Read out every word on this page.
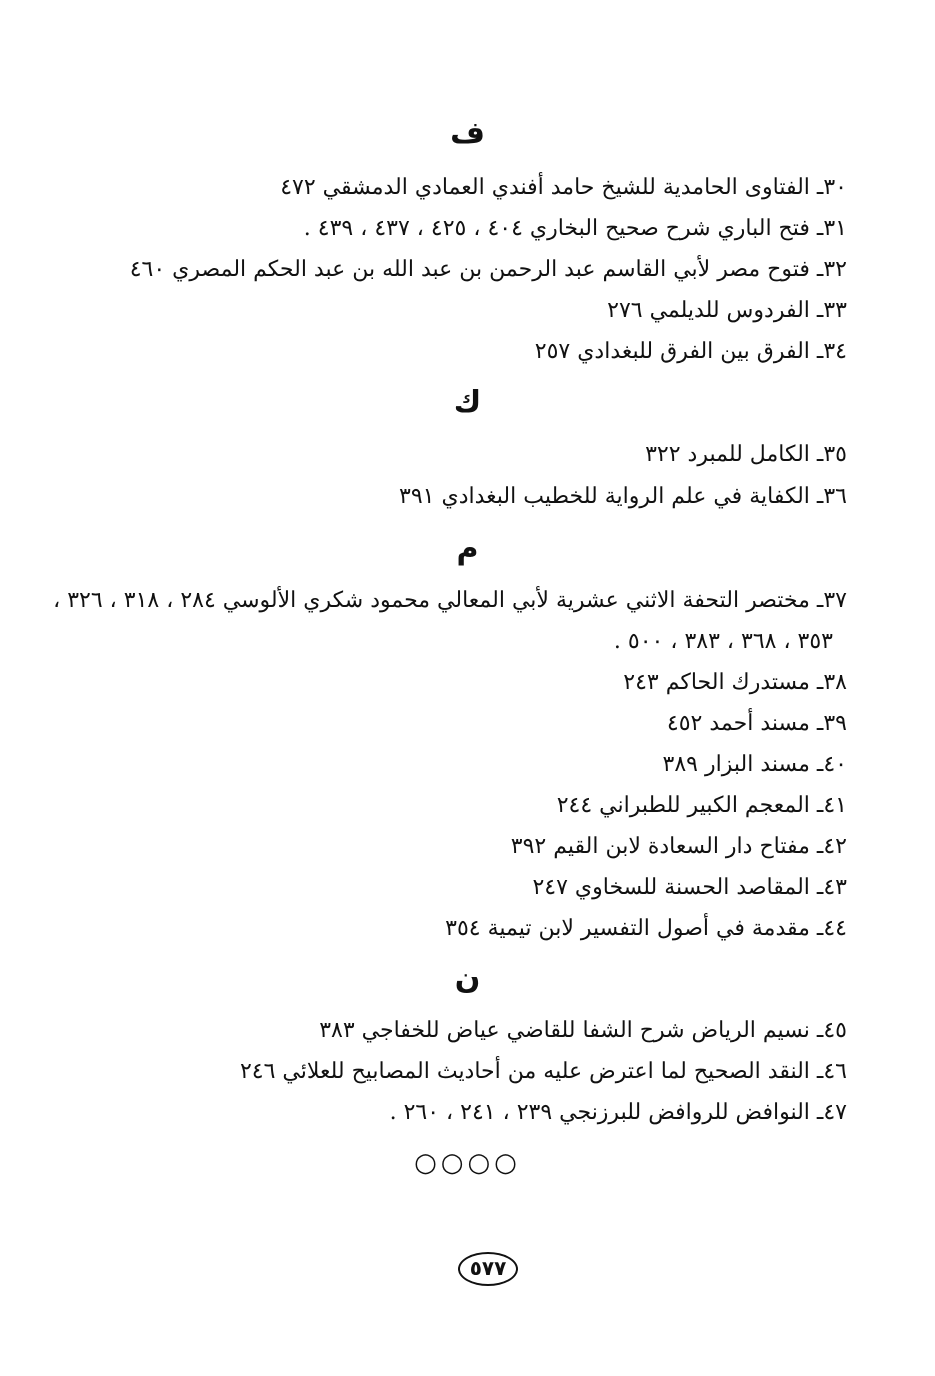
ف
٣٠ـ الفتاوى الحامدية للشيخ حامد أفندي العمادي الدمشقي ٤٧٢
٣١ـ فتح الباري شرح صحيح البخاري ٤٠٤ ، ٤٢٥ ، ٤٣٧ ، ٤٣٩ .
٣٢ـ فتوح مصر لأبي القاسم عبد الرحمن بن عبد الله بن عبد الحكم المصري ٤٦٠
٣٣ـ الفردوس للديلمي ٢٧٦
٣٤ـ الفرق بين الفرق للبغدادي ٢٥٧
ك
٣٥ـ الكامل للمبرد ٣٢٢
٣٦ـ الكفاية في علم الرواية للخطيب البغدادي ٣٩١
م
٣٧ـ مختصر التحفة الاثني عشرية لأبي المعالي محمود شكري الألوسي ٢٨٤ ، ٣١٨ ، ٣٢٦ ،
٣٥٣ ، ٣٦٨ ، ٣٨٣ ، ٥٠٠ .
٣٨ـ مستدرك الحاكم ٢٤٣
٣٩ـ مسند أحمد ٤٥٢
٤٠ـ مسند البزار ٣٨٩
٤١ـ المعجم الكبير للطبراني ٢٤٤
٤٢ـ مفتاح دار السعادة لابن القيم ٣٩٢
٤٣ـ المقاصد الحسنة للسخاوي ٢٤٧
٤٤ـ مقدمة في أصول التفسير لابن تيمية ٣٥٤
ن
٤٥ـ نسيم الرياض شرح الشفا للقاضي عياض للخفاجي ٣٨٣
٤٦ـ النقد الصحيح لما اعترض عليه من أحاديث المصابيح للعلائي ٢٤٦
٤٧ـ النوافض للروافض للبرزنجي ٢٣٩ ، ٢٤١ ، ٢٦٠ .
○○○○
٥٧٧
